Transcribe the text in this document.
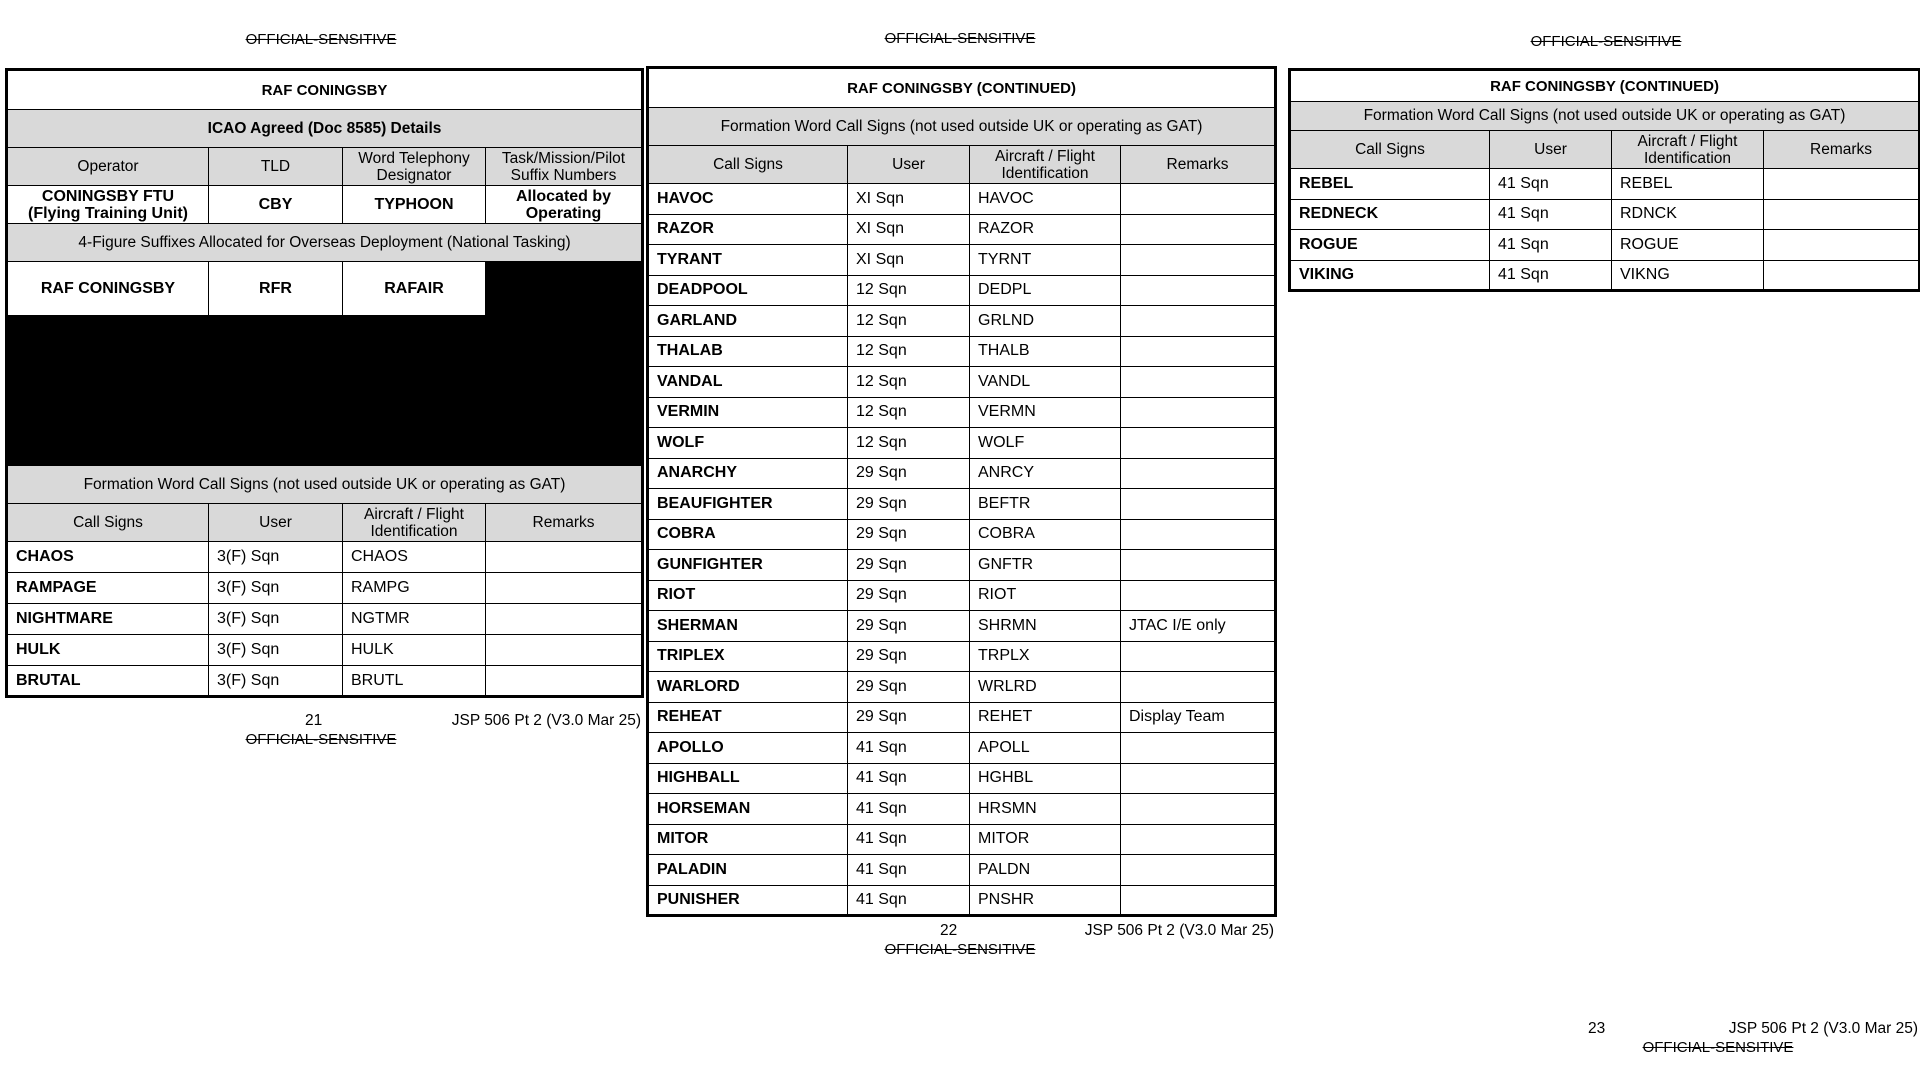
OFFICIAL-SENSITIVE
RAF CONINGSBY			
ICAO Agreed (Doc 8585) Details			
Operator	TLD	Word Telephony Designator	Task/Mission/Pilot Suffix Numbers
CONINGSBY FTU (Flying Training Unit)	CBY	TYPHOON	Allocated by Operating
4-Figure Suffixes Allocated for Overseas Deployment (National Tasking)			
RAF CONINGSBY	RFR	RAFAIR	

Formation Word Call Signs (not used outside UK or operating as GAT)			
Call Signs	User	Aircraft / Flight Identification	Remarks
CHAOS	3(F) Sqn	CHAOS	
RAMPAGE	3(F) Sqn	RAMPG	
NIGHTMARE	3(F) Sqn	NGTMR	
HULK	3(F) Sqn	HULK	
BRUTAL	3(F) Sqn	BRUTL	
21	JSP 506 Pt 2 (V3.0 Mar 25)
OFFICIAL-SENSITIVE
OFFICIAL-SENSITIVE
RAF CONINGSBY (CONTINUED)			
Formation Word Call Signs (not used outside UK or operating as GAT)			
Call Signs	User	Aircraft / Flight Identification	Remarks
HAVOC	XI Sqn	HAVOC	
RAZOR	XI Sqn	RAZOR	
TYRANT	XI Sqn	TYRNT	
DEADPOOL	12 Sqn	DEDPL	
GARLAND	12 Sqn	GRLND	
THALAB	12 Sqn	THALB	
VANDAL	12 Sqn	VANDL	
VERMIN	12 Sqn	VERMN	
WOLF	12 Sqn	WOLF	
ANARCHY	29 Sqn	ANRCY	
BEAUFIGHTER	29 Sqn	BEFTR	
COBRA	29 Sqn	COBRA	
GUNFIGHTER	29 Sqn	GNFTR	
RIOT	29 Sqn	RIOT	
SHERMAN	29 Sqn	SHRMN	JTAC I/E only
TRIPLEX	29 Sqn	TRPLX	
WARLORD	29 Sqn	WRLRD	
REHEAT	29 Sqn	REHET	Display Team
APOLLO	41 Sqn	APOLL	
HIGHBALL	41 Sqn	HGHBL	
HORSEMAN	41 Sqn	HRSMN	
MITOR	41 Sqn	MITOR	
PALADIN	41 Sqn	PALDN	
PUNISHER	41 Sqn	PNSHR	
22	JSP 506 Pt 2 (V3.0 Mar 25)
OFFICIAL-SENSITIVE
OFFICIAL-SENSITIVE
RAF CONINGSBY (CONTINUED)			
Formation Word Call Signs (not used outside UK or operating as GAT)			
Call Signs	User	Aircraft / Flight Identification	Remarks
REBEL	41 Sqn	REBEL	
REDNECK	41 Sqn	RDNCK	
ROGUE	41 Sqn	ROGUE	
VIKING	41 Sqn	VIKNG	
23	JSP 506 Pt 2 (V3.0 Mar 25)
OFFICIAL-SENSITIVE
